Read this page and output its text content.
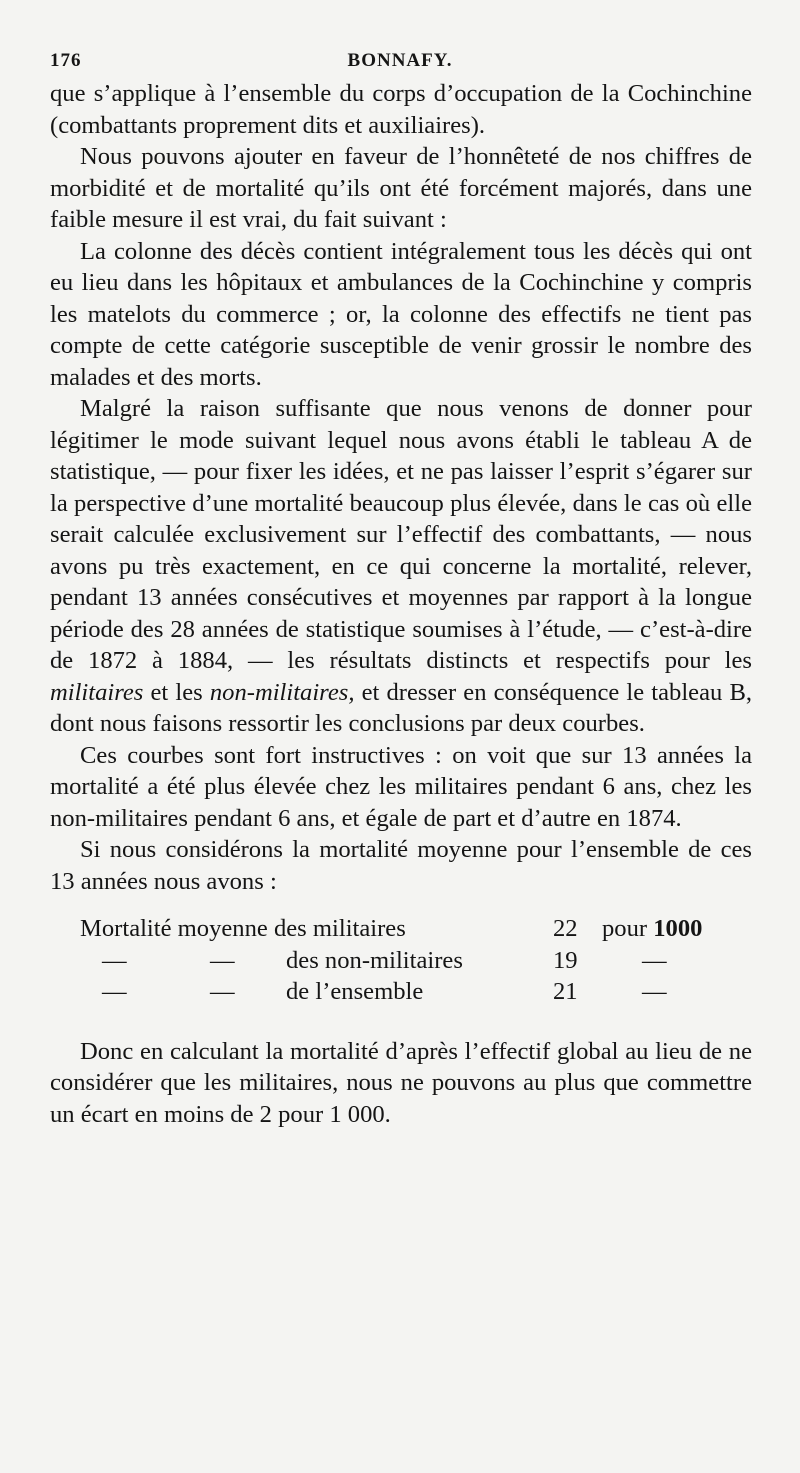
176	BONNAFY.

que s’applique à l’ensemble du corps d’occupation de la Cochinchine (combattants proprement dits et auxiliaires).

Nous pouvons ajouter en faveur de l’honnêteté de nos chiffres de morbidité et de mortalité qu’ils ont été forcément majorés, dans une faible mesure il est vrai, du fait suivant :

La colonne des décès contient intégralement tous les décès qui ont eu lieu dans les hôpitaux et ambulances de la Cochinchine y compris les matelots du commerce ; or, la colonne des effectifs ne tient pas compte de cette catégorie susceptible de venir grossir le nombre des malades et des morts.

Malgré la raison suffisante que nous venons de donner pour légitimer le mode suivant lequel nous avons établi le tableau A de statistique, — pour fixer les idées, et ne pas laisser l’esprit s’égarer sur la perspective d’une mortalité beaucoup plus élevée, dans le cas où elle serait calculée exclusivement sur l’effectif des combattants, — nous avons pu très exactement, en ce qui concerne la mortalité, relever, pendant 13 années consécutives et moyennes par rapport à la longue période des 28 années de statistique soumises à l’étude, — c’est-à-dire de 1872 à 1884, — les résultats distincts et respectifs pour les militaires et les non-militaires, et dresser en conséquence le tableau B, dont nous faisons ressortir les conclusions par deux courbes.

Ces courbes sont fort instructives : on voit que sur 13 années la mortalité a été plus élevée chez les militaires pendant 6 ans, chez les non-militaires pendant 6 ans, et égale de part et d’autre en 1874.

Si nous considérons la mortalité moyenne pour l’ensemble de ces 13 années nous avons :

Mortalité moyenne des militaires	22 pour 1000
—	— des non-militaires	19	—
—	— de l’ensemble	21	—

Donc en calculant la mortalité d’après l’effectif global au lieu de ne considérer que les militaires, nous ne pouvons au plus que commettre un écart en moins de 2 pour 1 000.
